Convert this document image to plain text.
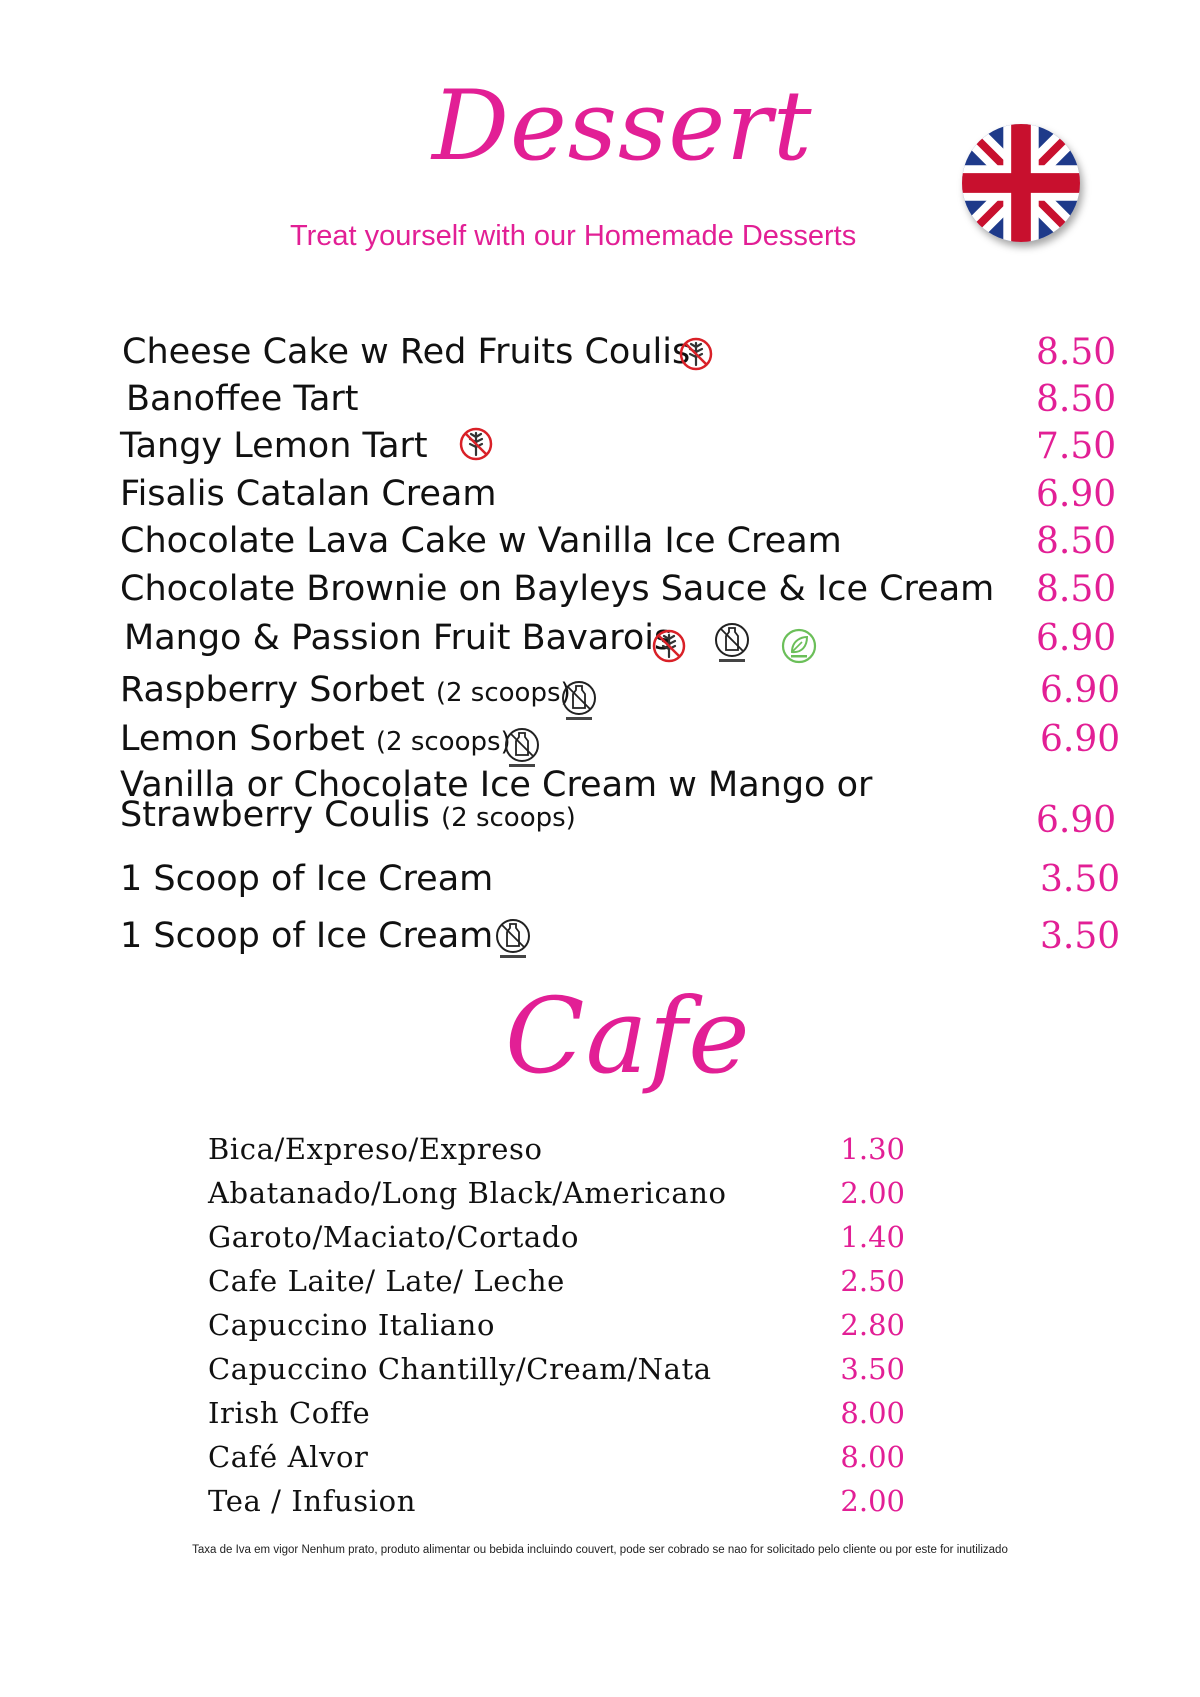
Dessert
Treat yourself with our Homemade Desserts
Cheese Cake w Red Fruits Coulis	8.50
Banoffee Tart	8.50
Tangy Lemon Tart	7.50
Fisalis Catalan Cream	6.90
Chocolate Lava Cake w Vanilla Ice Cream	8.50
Chocolate Brownie on Bayleys Sauce & Ice Cream 8.50
Mango & Passion Fruit Bavarois	6.90
Raspberry Sorbet (2 scoops)	6.90
Lemon Sorbet (2 scoops)	6.90
Vanilla or Chocolate Ice Cream w Mango or
Strawberry Coulis (2 scoops)	6.90
1 Scoop of Ice Cream	3.50
1 Scoop of Ice Cream	3.50
Cafe
Bica/Expreso/Expreso	1.30
Abatanado/Long Black/Americano	2.00
Garoto/Maciato/Cortado	1.40
Cafe Laite/ Late/ Leche	2.50
Capuccino Italiano	2.80
Capuccino Chantilly/Cream/Nata	3.50
Irish Coffe	8.00
Café Alvor	8.00
Tea / Infusion	2.00
Taxa de Iva em vigor Nenhum prato, produto alimentar ou bebida incluindo couvert, pode ser cobrado se nao for solicitado pelo cliente ou por este for inutilizado
